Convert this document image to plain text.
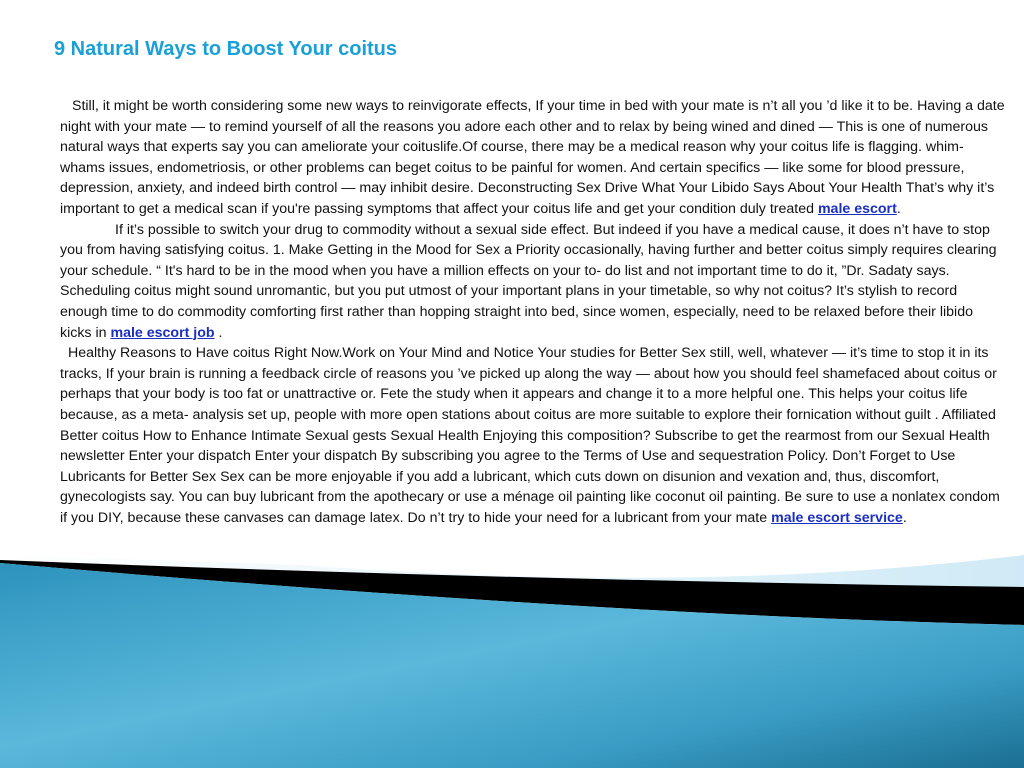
9 Natural Ways to Boost Your coitus

Still, it might be worth considering some new ways to reinvigorate effects, If your time in bed with your mate is n’t all you ’d like it to be. Having a date night with your mate — to remind yourself of all the reasons you adore each other and to relax by being wined and dined — This is one of numerous natural ways that experts say you can ameliorate your coituslife.Of course, there may be a medical reason why your coitus life is flagging. whim-whams issues, endometriosis, or other problems can beget coitus to be painful for women. And certain specifics — like some for blood pressure, depression, anxiety, and indeed birth control — may inhibit desire. Deconstructing Sex Drive What Your Libido Says About Your Health That’s why it’s important to get a medical scan if you're passing symptoms that affect your coitus life and get your condition duly treated male escort.

If it’s possible to switch your drug to commodity without a sexual side effect. But indeed if you have a medical cause, it does n’t have to stop you from having satisfying coitus. 1. Make Getting in the Mood for Sex a Priority occasionally, having further and better coitus simply requires clearing your schedule. “ It's hard to be in the mood when you have a million effects on your to- do list and not important time to do it, ”Dr. Sadaty says. Scheduling coitus might sound unromantic, but you put utmost of your important plans in your timetable, so why not coitus? It’s stylish to record enough time to do commodity comforting first rather than hopping straight into bed, since women, especially, need to be relaxed before their libido kicks in male escort job .

Healthy Reasons to Have coitus Right Now.Work on Your Mind and Notice Your studies for Better Sex still, well, whatever — it’s time to stop it in its tracks, If your brain is running a feedback circle of reasons you ’ve picked up along the way — about how you should feel shamefaced about coitus or perhaps that your body is too fat or unattractive or. Fete the study when it appears and change it to a more helpful one. This helps your coitus life because, as a meta- analysis set up, people with more open stations about coitus are more suitable to explore their fornication without guilt . Affiliated Better coitus How to Enhance Intimate Sexual gests Sexual Health Enjoying this composition? Subscribe to get the rearmost from our Sexual Health newsletter Enter your dispatch Enter your dispatch By subscribing you agree to the Terms of Use and sequestration Policy. Don’t Forget to Use Lubricants for Better Sex Sex can be more enjoyable if you add a lubricant, which cuts down on disunion and vexation and, thus, discomfort, gynecologists say. You can buy lubricant from the apothecary or use a ménage oil painting like coconut oil painting. Be sure to use a nonlatex condom if you DIY, because these canvases can damage latex. Do n’t try to hide your need for a lubricant from your mate male escort service.
